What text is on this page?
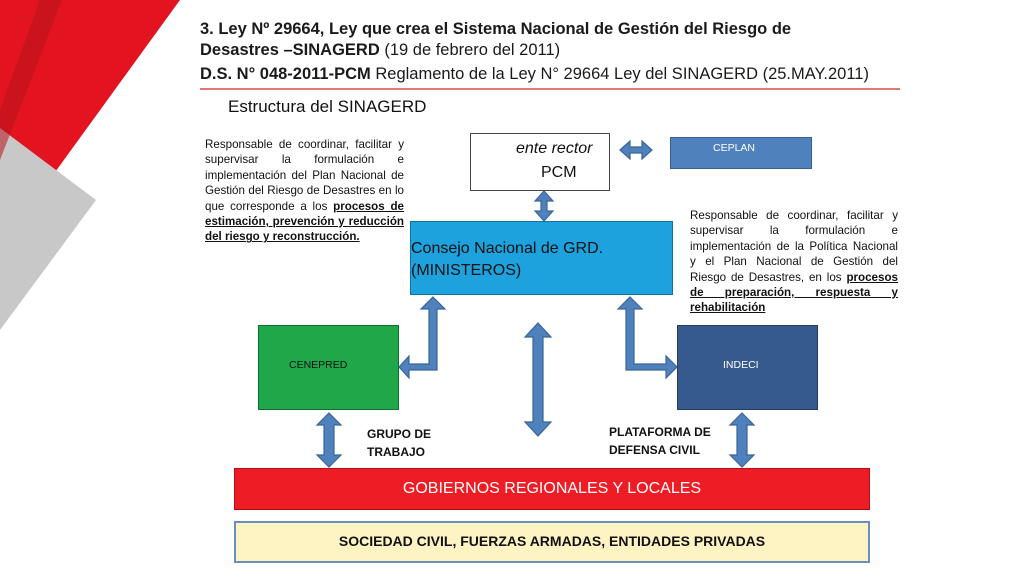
3. Ley Nº 29664, Ley que crea el Sistema Nacional de Gestión del Riesgo de
Desastres –SINAGERD (19 de febrero del 2011)
D.S. N° 048-2011-PCM Reglamento de la Ley N° 29664 Ley del SINAGERD (25.MAY.2011)
Estructura del SINAGERD
Responsable de coordinar, facilitar y supervisar la formulación e implementación del Plan Nacional de Gestión del Riesgo de Desastres en lo que corresponde a los procesos de estimación, prevención y reducción del riesgo y reconstrucción.
Responsable de coordinar, facilitar y supervisar la formulación e implementación de la Política Nacional y el Plan Nacional de Gestión del Riesgo de Desastres, en los procesos de preparación, respuesta y rehabilitación
ente rector
PCM
CEPLAN
Consejo Nacional de GRD.
(MINISTEROS)
CENEPRED	INDECI
GRUPO DE
TRABAJO
PLATAFORMA DE
DEFENSA CIVIL
GOBIERNOS REGIONALES Y LOCALES
SOCIEDAD CIVIL, FUERZAS ARMADAS, ENTIDADES PRIVADAS
